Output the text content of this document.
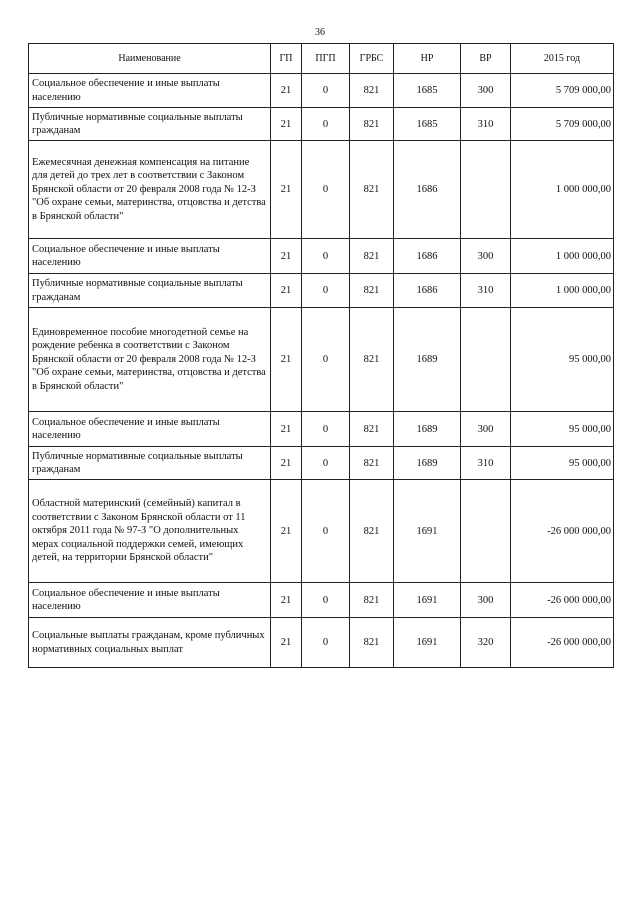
36
Наименование	ГП	ПГП	ГРБС	НР	ВР	2015 год
Социальное обеспечение и иные выплаты населению	21	0	821	1685	300	5 709 000,00
Публичные нормативные социальные выплаты гражданам	21	0	821	1685	310	5 709 000,00
Ежемесячная денежная компенсация на питание для детей до трех лет в соответствии с Законом Брянской области от 20 февраля 2008 года № 12-З "Об охране семьи, материнства, отцовства и детства в Брянской области"	21	0	821	1686		1 000 000,00
Социальное обеспечение и иные выплаты населению	21	0	821	1686	300	1 000 000,00
Публичные нормативные социальные выплаты гражданам	21	0	821	1686	310	1 000 000,00
Единовременное пособие многодетной семье на рождение ребенка в соответствии с Законом Брянской области от 20 февраля 2008 года № 12-З "Об охране семьи, материнства, отцовства и детства в Брянской области"	21	0	821	1689		95 000,00
Социальное обеспечение и иные выплаты населению	21	0	821	1689	300	95 000,00
Публичные нормативные социальные выплаты гражданам	21	0	821	1689	310	95 000,00
Областной материнский (семейный) капитал в соответствии с Законом Брянской области от 11 октября 2011 года № 97-З "О дополнительных мерах социальной поддержки семей, имеющих детей, на территории Брянской области"	21	0	821	1691		-26 000 000,00
Социальное обеспечение и иные выплаты населению	21	0	821	1691	300	-26 000 000,00
Социальные выплаты гражданам, кроме публичных нормативных социальных выплат	21	0	821	1691	320	-26 000 000,00
